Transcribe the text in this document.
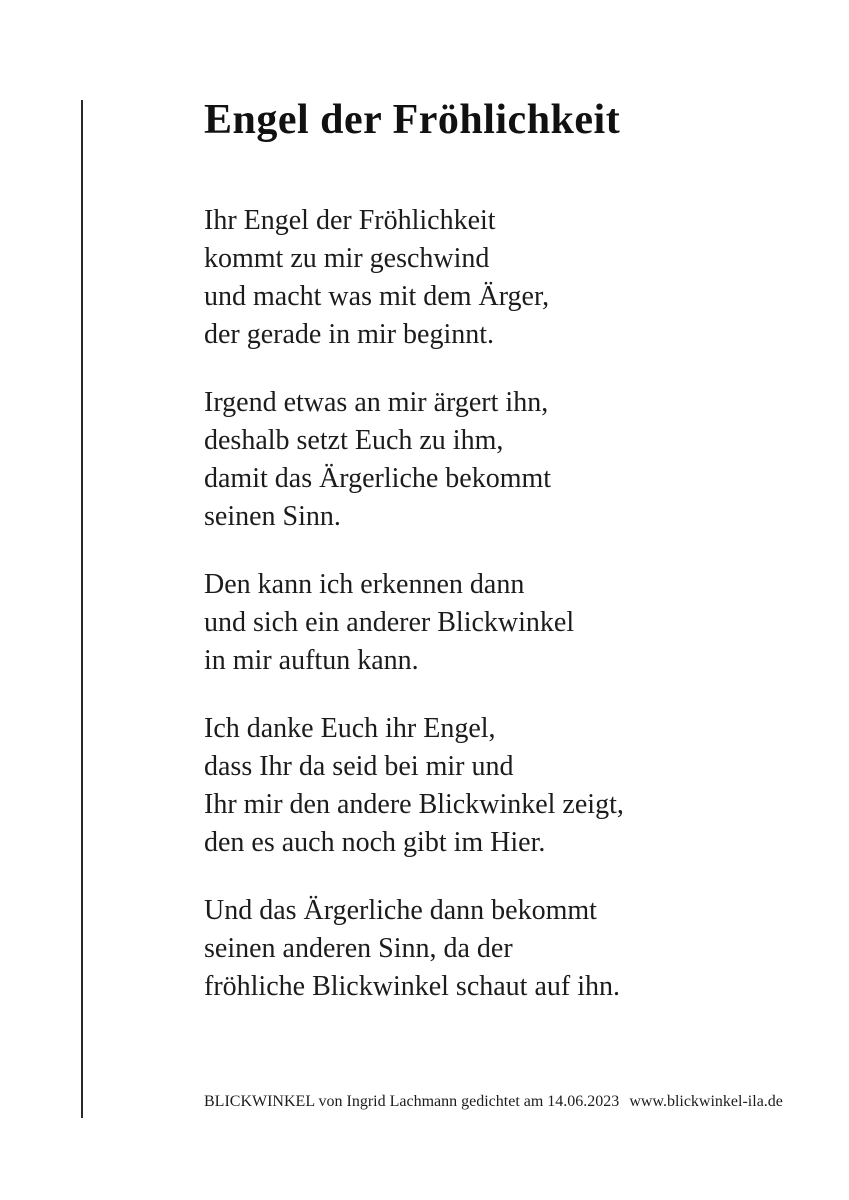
Engel der Fröhlichkeit
Ihr Engel der Fröhlichkeit
kommt zu mir geschwind
und macht was mit dem Ärger,
der gerade in mir beginnt.
Irgend etwas an mir ärgert ihn,
deshalb setzt Euch zu ihm,
damit das Ärgerliche bekommt
seinen Sinn.
Den kann ich erkennen dann
und sich ein anderer Blickwinkel
in mir auftun kann.
Ich danke Euch ihr Engel,
dass Ihr da seid bei mir und
Ihr mir den andere Blickwinkel zeigt,
den es auch noch gibt im Hier.
Und das Ärgerliche dann bekommt
seinen anderen Sinn, da der
fröhliche Blickwinkel schaut auf ihn.
BLICKWINKEL von Ingrid Lachmann gedichtet am 14.06.2023 www.blickwinkel-ila.de
